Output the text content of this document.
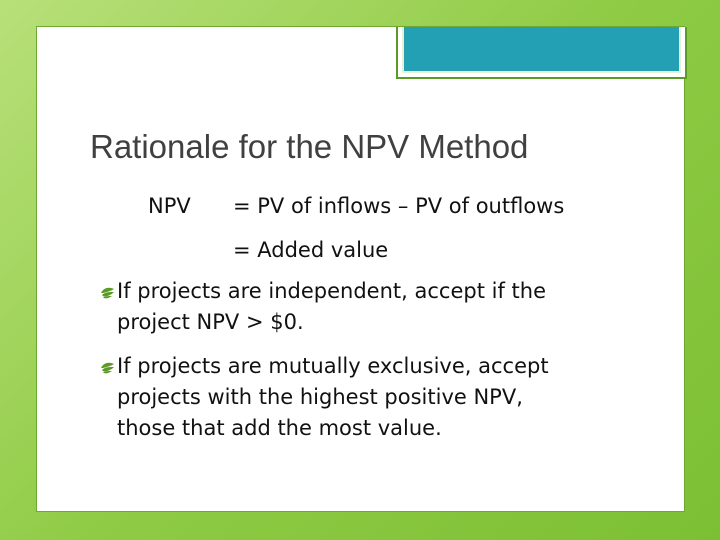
Rationale for the NPV Method
NPV = PV of inflows – PV of outflows
= Added value
If projects are independent, accept if the
project NPV > $0.
If projects are mutually exclusive, accept
projects with the highest positive NPV,
those that add the most value.
